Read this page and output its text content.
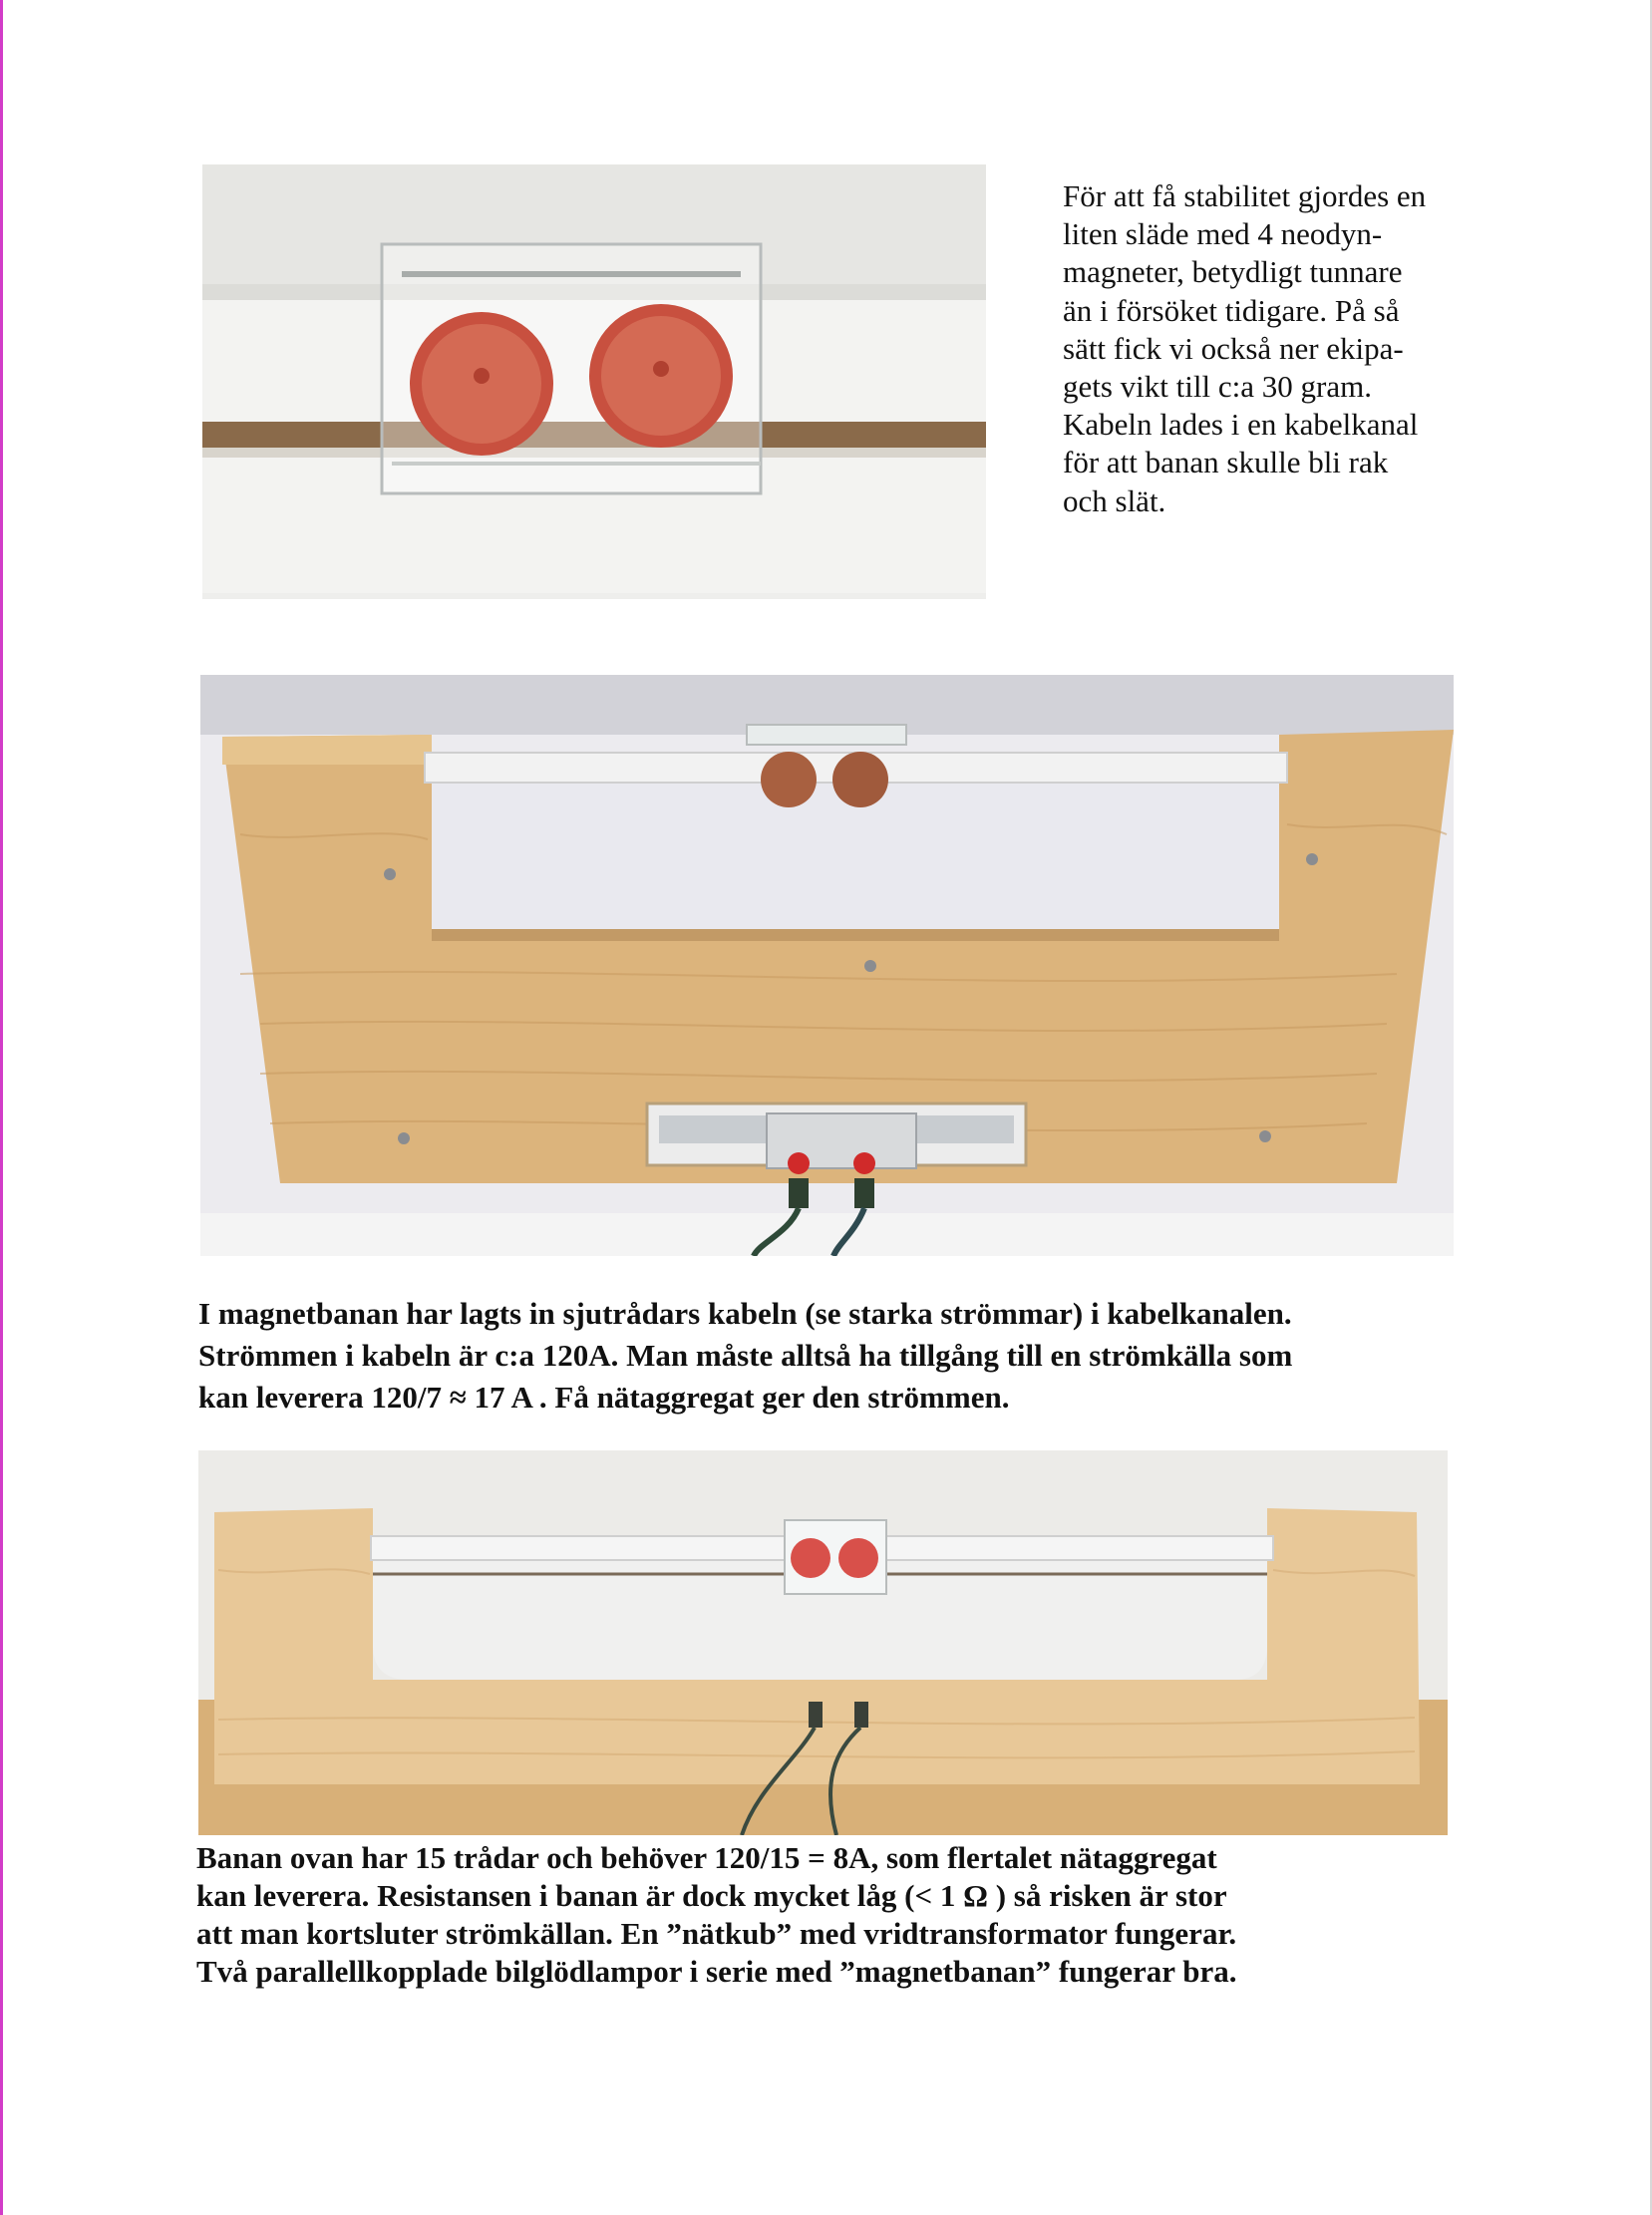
För att få stabilitet gjordes en

liten släde med 4 neodyn-

magneter, betydligt tunnare

än i försöket tidigare. På så

sätt fick vi också ner ekipa-

gets vikt till c:a 30 gram.

Kabeln lades i en kabelkanal

för att banan skulle bli rak

och slät.

I magnetbanan har lagts in sjutrådars kabeln (se starka strömmar) i kabelkanalen.

Strömmen i kabeln är c:a 120A. Man måste alltså ha tillgång till en strömkälla som

kan leverera 120/7 ≈ 17 A . Få nätaggregat ger den strömmen.

Banan ovan har 15 trådar och behöver 120/15 = 8A, som flertalet nätaggregat

kan leverera. Resistansen i banan är dock mycket låg (< 1 Ω ) så risken är stor

att man kortsluter strömkällan. En ”nätkub” med vridtransformator fungerar.

Två parallellkopplade bilglödlampor i serie med ”magnetbanan” fungerar bra.
